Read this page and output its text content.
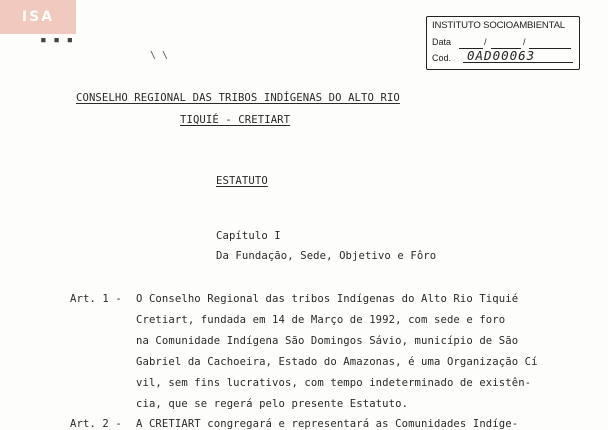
ISA
▪ ▪ ▪
\ \
INSTITUTO SOCIOAMBIENTAL
Data	/	/
Cod. 0AD00063
CONSELHO REGIONAL DAS TRIBOS INDÍGENAS DO ALTO RIO
TIQUIÉ - CRETIART
ESTATUTO
Capítulo I
Da Fundação, Sede, Objetivo e Fôro
Art. 1 - O Conselho Regional das tribos Indígenas do Alto Rio Tiquié
Cretiart, fundada em 14 de Março de 1992, com sede e foro
na Comunidade Indígena São Domingos Sávio, município de São
Gabriel da Cachoeira, Estado do Amazonas, é uma Organização Cí
vil, sem fins lucrativos, com tempo indeterminado de existên-
cia, que se regerá pelo presente Estatuto.
Art. 2 - A CRETIART congregará e representará as Comunidades Indíge-
